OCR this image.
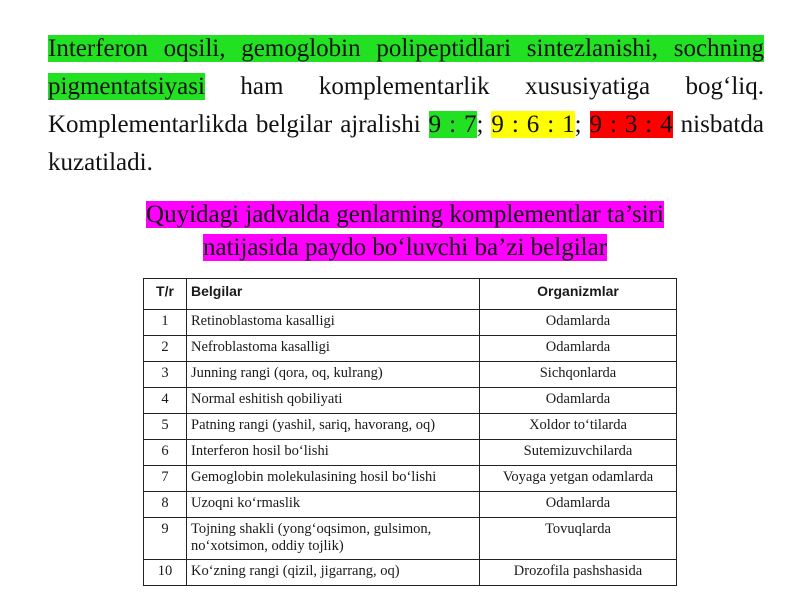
Interferon oqsili, gemoglobin polipeptidlari sintezlanishi, sochning pigmentatsiyasi ham komplementarlik xususiyatiga bog‘liq. Komplementarlikda belgilar ajralishi 9 : 7; 9 : 6 : 1; 9 : 3 : 4 nisbatda kuzatiladi.
Quyidagi jadvalda genlarning komplementlar ta’siri
natijasida paydo bo‘luvchi ba’zi belgilar
T/r	Belgilar	Organizmlar
1	Retinoblastoma kasalligi	Odamlarda
2	Nefroblastoma kasalligi	Odamlarda
3	Junning rangi (qora, oq, kulrang)	Sichqonlarda
4	Normal eshitish qobiliyati	Odamlarda
5	Patning rangi (yashil, sariq, havorang, oq)	Xoldor to‘tilarda
6	Interferon hosil bo‘lishi	Sutemizuvchilarda
7	Gemoglobin molekulasining hosil bo‘lishi	Voyaga yetgan odamlarda
8	Uzoqni ko‘rmaslik	Odamlarda
9	Tojning shakli (yong‘oqsimon, gulsimon, no‘xotsimon, oddiy tojlik)	Tovuqlarda
10	Ko‘zning rangi (qizil, jigarrang, oq)	Drozofila pashshasida
